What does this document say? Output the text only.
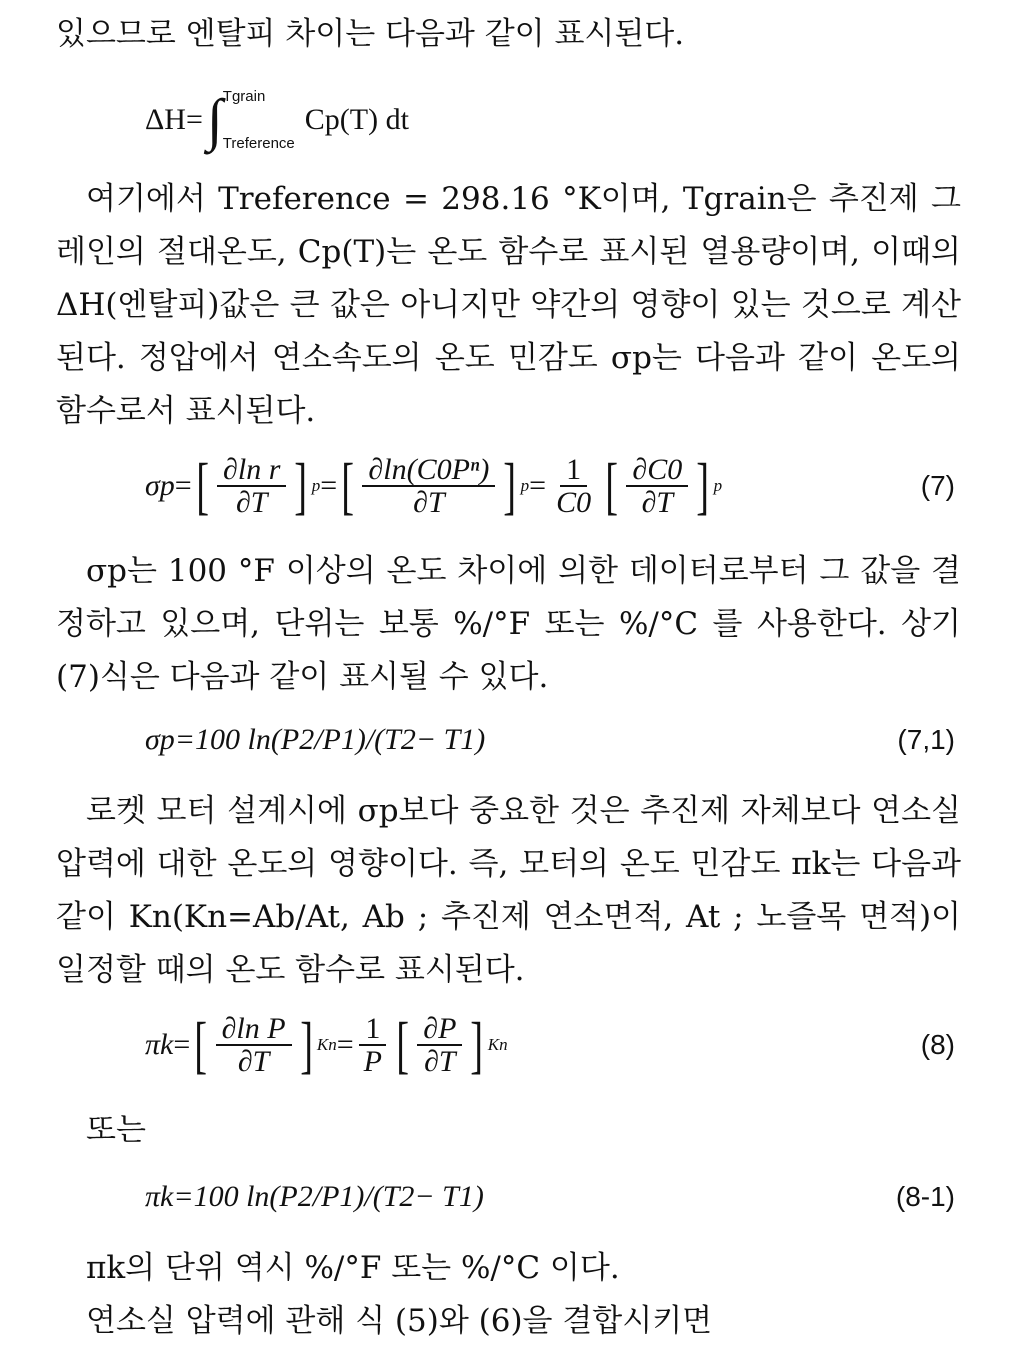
있으므로 엔탈피 차이는 다음과 같이 표시된다.

ΔH = ∫ Tgrain
Treference
Cp(T) dt

여기에서 Treference = 298.16 °K이며, Tgrain은 추진제 그레인의 절대온도, Cp(T)는 온도 함수로 표시된 열용량이며, 이때의 ΔH(엔탈피)값은 큰 값은 아니지만 약간의 영향이 있는 것으로 계산된다. 정압에서 연소속도의 온도 민감도 σp는 다음과 같이 온도의 함수로서 표시된다.

σp = [ $\frac{\text{∂ln r}}{\partial T}$ ] p = [ $\frac{\text{∂ln(C0Pⁿ)}}{\partial T}$ ] $p = \frac{1}{C0}$ [ $\frac{\partial C0}{\partial T}$ ] p	(7)

σp는 100 °F 이상의 온도 차이에 의한 데이터로부터 그 값을 결정하고 있으며, 단위는 보통 %/°F 또는 %/°C 를 사용한다. 상기 (7)식은 다음과 같이 표시될 수 있다.

σp=100 ln(P2/P1)/(T2− T1)	(7,1)

로켓 모터 설계시에 σp보다 중요한 것은 추진제 자체보다 연소실 압력에 대한 온도의 영향이다. 즉, 모터의 온도 민감도 πk는 다음과 같이 Kn(Kn=Ab/At, Ab ; 추진제 연소면적, At ; 노즐목 면적)이 일정할 때의 온도 함수로 표시된다.

πk = [ $\frac{\text{∂ln P}}{\partial T}$ ] $Kn = \frac{1}{P}$ [ $\frac{\partial P}{\partial T}$ ] Kn	(8)

또는

πk=100 ln(P2/P1)/(T2− T1)	(8-1)

πk의 단위 역시 %/°F 또는 %/°C 이다.

연소실 압력에 관해 식 (5)와 (6)을 결합시키면
